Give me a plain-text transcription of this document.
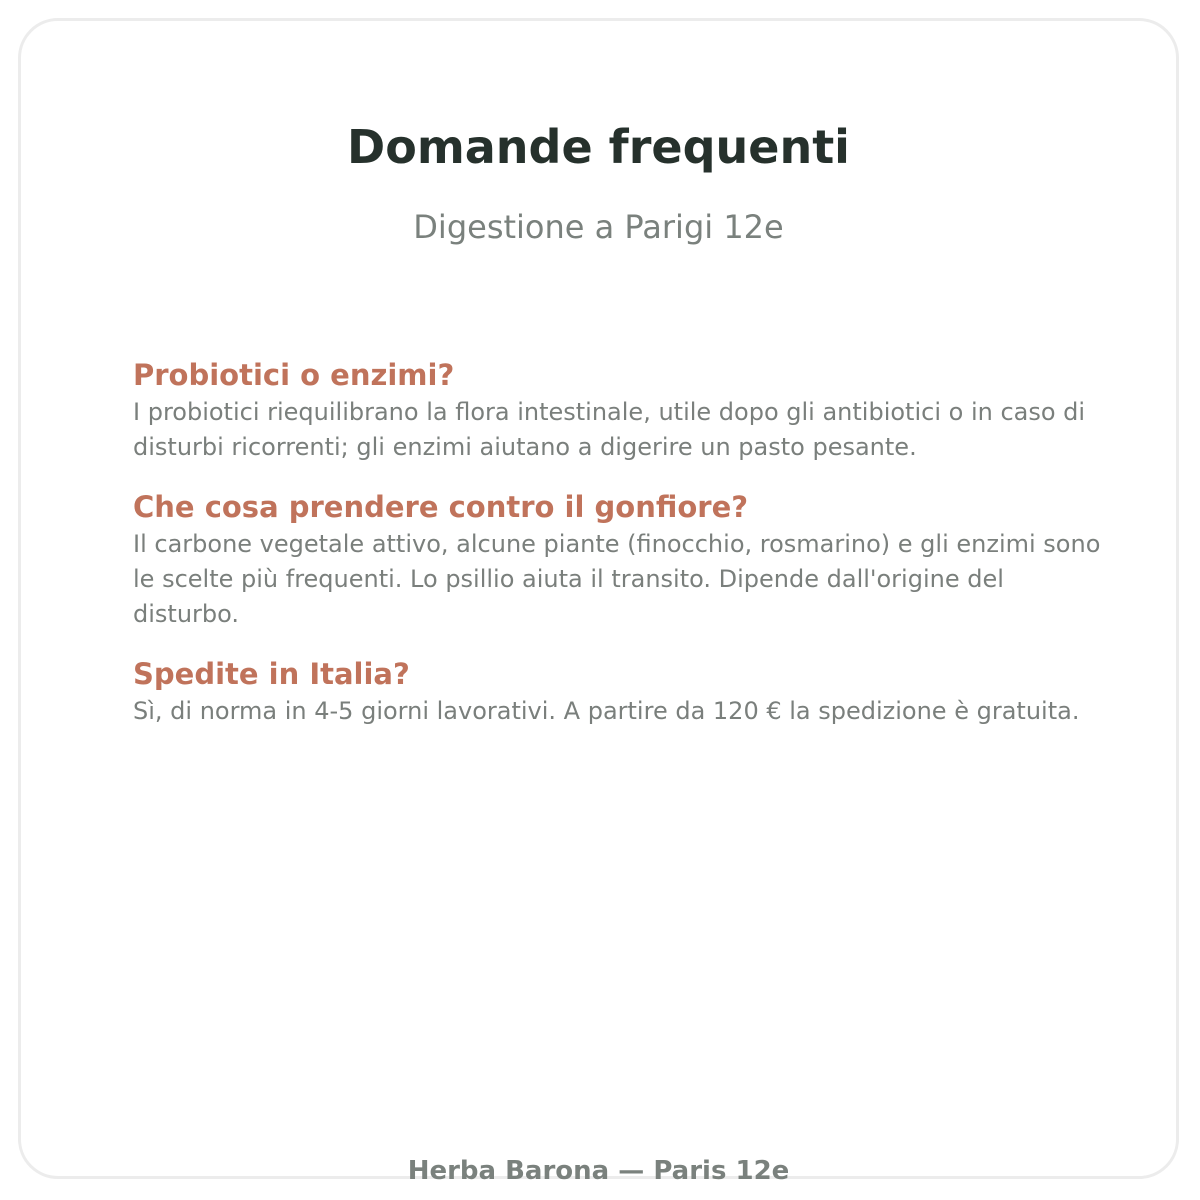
Domande frequenti

Digestione a Parigi 12e

Probiotici o enzimi?

I probiotici riequilibrano la flora intestinale, utile dopo gli antibiotici o in caso di disturbi ricorrenti; gli enzimi aiutano a digerire un pasto pesante.

Che cosa prendere contro il gonfiore?

Il carbone vegetale attivo, alcune piante (finocchio, rosmarino) e gli enzimi sono le scelte più frequenti. Lo psillio aiuta il transito. Dipende dall'origine del disturbo.

Spedite in Italia?

Sì, di norma in 4-5 giorni lavorativi. A partire da 120 € la spedizione è gratuita.

Herba Barona — Paris 12e
